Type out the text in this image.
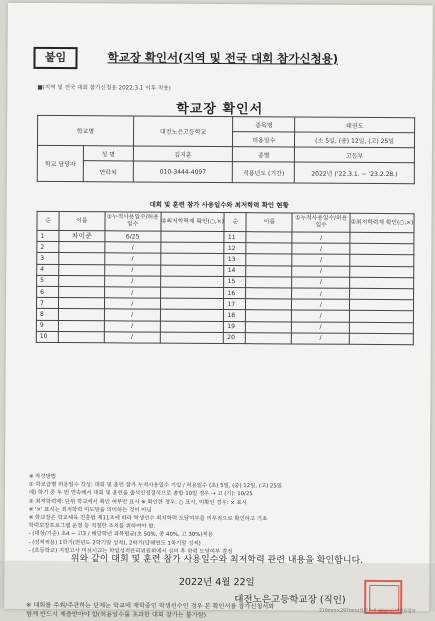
붙임	학교장 확인서(지역 및 전국 대회 참가신청용)
■(지역 및 전국 대회 참가신청용 2022.3.1 이후 적용)
학교장 확인서
학교명		대전노은고등학교	종목명	태권도
			허용일수	(소 5일, (중) 12일, (고) 25일
학교 담당자	성 명	김지훈	종별	고등부
	연락처	010-3444-4097	적용년도 (기간)	2022년 (’22.3.1. ~ ’23.2.28.)
대회 및 훈련 참가 사용일수와 최저학력 확인 현황
순	이름	①누적사용일수/허용일수	②최저학력제 확인(○,×)	순	이름	①누적사용일수/허용일수	②최저학력제 확인(○,×)
1	차이준	6/25		11		/	
2		/		12		/	
3		/		13		/	
4		/		14		/	
5		/		15		/	
6		/		16		/	
7		/		17		/	
8		/		18		/	
9		/		19		/	
10		/		20		/	
※ 작성방법
① 학교급별 허용일수 작성: 대회 및 훈련 참가 누적사용일수 기입 / 허용일수 (초) 5일, (중) 12일, (고) 25일
예) 학기 중 두 번 연속해서 대회 및 훈련을 출석인정결석으로 총합 10일 경우 → 고 (기): 10/25
② 최저학력제: 단위 학교에서 확인 여부만 표시 ※ 확인한 경우: ○ 표시, 미확인 경우: × 표시
※ '×' 표시는 최저학력 미도달을 의미하는 것이 아님
※ 학교장은 학교체육 진흥법 제11조에 따라 학생선수 최저학력 도달여부를 의무적으로 확인하고 기초
학력보장프로그램 운영 등 적절한 조치를 취하여야 함.
- (대상/기준) 초4 ~ 고3 / 해당학년 과목평균(초 50%, 중 40%, 고 30%)적용
- (성적적용) 1학기(전년도 2학기말 성적), 2학기(당해연도 1학기말 성적)
- (초등학교) 지필고사 미실시교는 학업성적관리위원회에서 심의 후 학력 도달여부 결정
위와 같이 대회 및 훈련 참가 사용일수와 최저학력 관련 내용을 확인합니다.
2022년 4월 22일
대전노은고등학교장 (직인)
210mm×297mm(일반용지 60g/㎡(재활용품))
※ 대회를 주최/주관하는 단체는 학교에 재학중인 학생선수인 경우 본 확인서를 참가신청서와
함께 반드시 제출받아야 함(허용일수를 초과한 대회 참가는 불가함)
